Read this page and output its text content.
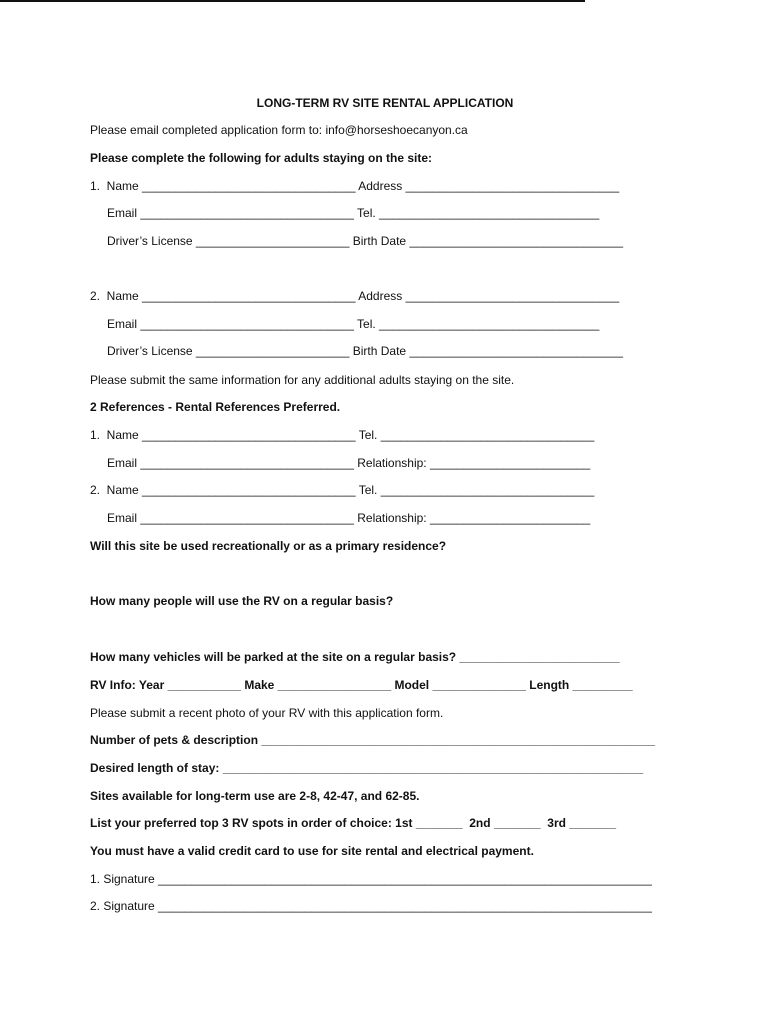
LONG-TERM RV SITE RENTAL APPLICATION
Please email completed application form to: info@horseshoecanyon.ca
Please complete the following for adults staying on the site:
1.  Name ________________________________ Address ________________________________
Email ________________________________ Tel. _________________________________
Driver’s License _______________________ Birth Date ________________________________
2.  Name ________________________________ Address ________________________________
Email ________________________________ Tel. _________________________________
Driver’s License _______________________ Birth Date ________________________________
Please submit the same information for any additional adults staying on the site.
2 References - Rental References Preferred.
1.  Name ________________________________ Tel. ________________________________
Email ________________________________ Relationship: ________________________
2.  Name ________________________________ Tel. ________________________________
Email ________________________________ Relationship: ________________________
Will this site be used recreationally or as a primary residence?
How many people will use the RV on a regular basis?
How many vehicles will be parked at the site on a regular basis? ________________________
RV Info: Year ___________ Make _________________ Model ______________ Length _________
Please submit a recent photo of your RV with this application form.
Number of pets & description ___________________________________________________________
Desired length of stay: _______________________________________________________________
Sites available for long-term use are 2-8, 42-47, and 62-85.
List your preferred top 3 RV spots in order of choice: 1st _______  2nd _______  3rd _______
You must have a valid credit card to use for site rental and electrical payment.
1. Signature __________________________________________________________________________
2. Signature __________________________________________________________________________
